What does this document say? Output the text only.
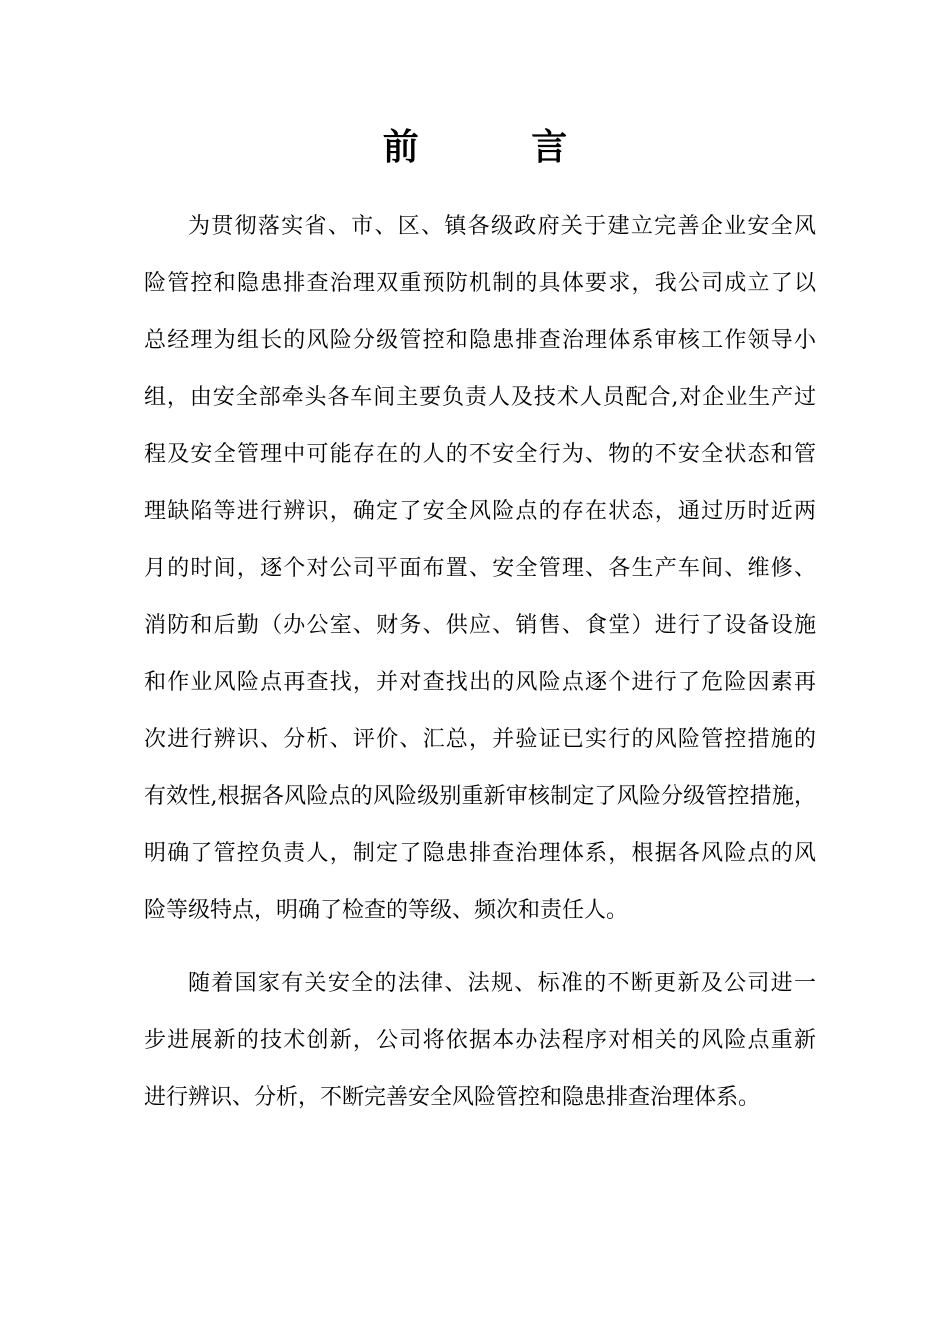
前 言

为贯彻落实省、市、区、镇各级政府关于建立完善企业安全风
险管控和隐患排查治理双重预防机制的具体要求，我公司成立了以
总经理为组长的风险分级管控和隐患排查治理体系审核工作领导小
组，由安全部牵头各车间主要负责人及技术人员配合,对企业生产过
程及安全管理中可能存在的人的不安全行为、物的不安全状态和管
理缺陷等进行辨识，确定了安全风险点的存在状态，通过历时近两
月的时间，逐个对公司平面布置、安全管理、各生产车间、维修、
消防和后勤（办公室、财务、供应、销售、食堂）进行了设备设施
和作业风险点再查找，并对查找出的风险点逐个进行了危险因素再
次进行辨识、分析、评价、汇总，并验证已实行的风险管控措施的
有效性,根据各风险点的风险级别重新审核制定了风险分级管控措施，
明确了管控负责人，制定了隐患排查治理体系，根据各风险点的风
险等级特点，明确了检查的等级、频次和责任人。

随着国家有关安全的法律、法规、标准的不断更新及公司进一
步进展新的技术创新，公司将依据本办法程序对相关的风险点重新
进行辨识、分析，不断完善安全风险管控和隐患排查治理体系。
